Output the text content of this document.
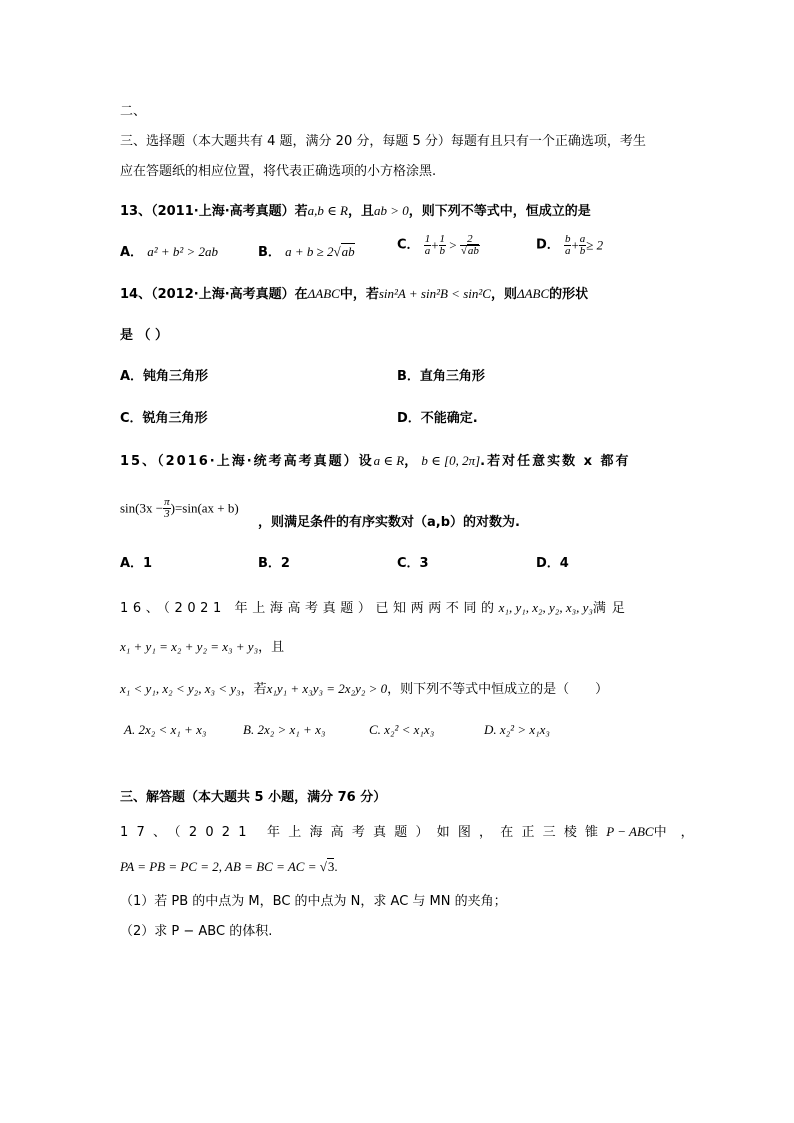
二、
三、选择题（本大题共有 4 题，满分 20 分，每题 5 分）每题有且只有一个正确选项，考生
应在答题纸的相应位置，将代表正确选项的小方格涂黑.
13、（2011·上海·高考真题）若a,b ∈ R，且ab > 0，则下列不等式中，恒成立的是
A． a² + b² > 2ab	B． a + b ≥ 2√ab	C． $\frac{1}{a} + \frac{1}{b} > \frac{2}{√ab}$	D． $\frac{b}{a} + \frac{a}{b} \ge 2$
14、（2012·上海·高考真题）在ΔABC中，若sin²A + sin²B < sin²C，则ΔABC的形状
是 （ ）
A．钝角三角形	B．直角三角形
C．锐角三角形	D．不能确定.
15、（2016·上海·统考高考真题）设a ∈ R， b ∈ [0, 2π].若对任意实数 x 都有
$\sin(3x - \frac{\pi}{3} )=\sin(ax + b)$
，则满足条件的有序实数对（a,b）的对数为.
A．1	B．2	C．3	D．4
16、（2021 年上海高考真题）已知两两不同的x₁, y₁, x₂, y₂, x₃, y₃满足
x₁ + y₁ = x₂ + y₂ = x₃ + y₃，且
x₁ < y₁, x₂ < y₂, x₃ < y₃，若x₁y₁ + x₃y₃ = 2x₂y₂ > 0，则下列不等式中恒成立的是（　　）
A. 2x₂ < x₁ + x₃	B. 2x₂ > x₁ + x₃	C. x₂² < x₁x₃	D. x₂² > x₁x₃
三、解答题（本大题共 5 小题，满分 76 分）
17、（2021 年上海高考真题）如图，在正三棱锥P − ABC中，
PA = PB = PC = 2, AB = BC = AC = √3.
（1）若 PB 的中点为 M，BC 的中点为 N，求 AC 与 MN 的夹角；
（2）求 P − ABC 的体积.
